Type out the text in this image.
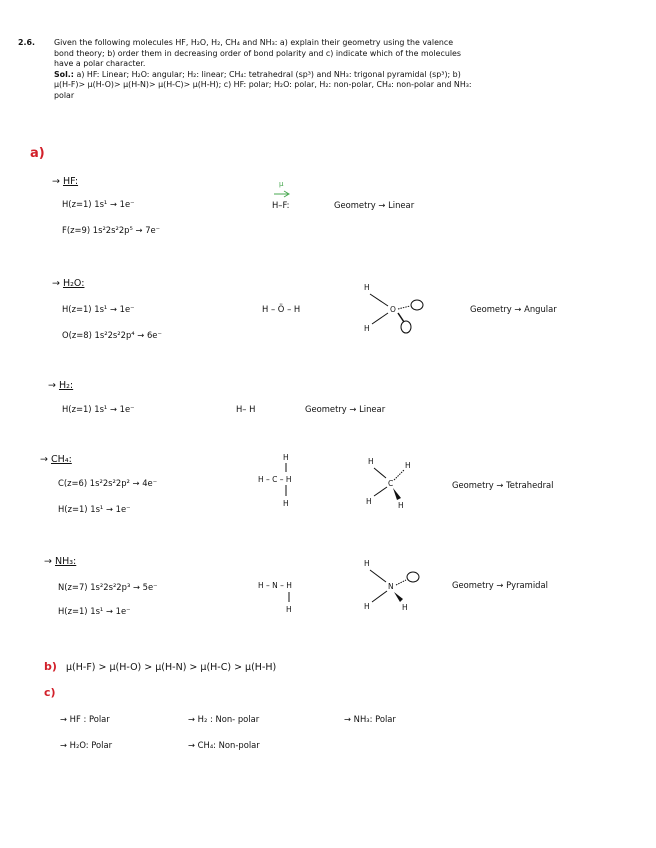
2.6. Given the following molecules HF, H₂O, H₂, CH₄ and NH₃: a) explain their geometry using the valence bond theory; b) order them in decreasing order of bond polarity and c) indicate which of the molecules have a polar character.
Sol.: a) HF: Linear; H₂O: angular; H₂: linear; CH₄: tetrahedral (sp³) and NH₃: trigonal pyramidal (sp³); b) μ(H-F)> μ(H-O)> μ(H-N)> μ(H-C)> μ(H-H); c) HF: polar; H₂O: polar, H₂: non-polar, CH₄: non-polar and NH₃: polar
a)
→ HF:
H(z=1) 1s¹ → 1e⁻
F(z=9) 1s²2s²2p⁵ → 7e⁻
μ
H–F:	Geometry → Linear
→ H₂O:
H(z=1) 1s¹ → 1e⁻
O(z=8) 1s²2s²2p⁴ → 6e⁻
H – Ö – H
H
O
H
Geometry → Angular
→ H₂:
H(z=1) 1s¹ → 1e⁻	H– H	Geometry → Linear
→ CH₄:
C(z=6) 1s²2s²2p² → 4e⁻
H(z=1) 1s¹ → 1e⁻
H
H – C – H
H
H
C
H
H	H
Geometry → Tetrahedral
→ NH₃:
N(z=7) 1s²2s²2p³ → 5e⁻
H(z=1) 1s¹ → 1e⁻
H – N – H
H
H
N
H	H
Geometry → Pyramidal
b) μ(H-F) > μ(H-O) > μ(H-N) > μ(H-C) > μ(H-H)
c)
→ HF : Polar	→ H₂ : Non- polar	→ NH₃: Polar
→ H₂O: Polar	→ CH₄: Non-polar
